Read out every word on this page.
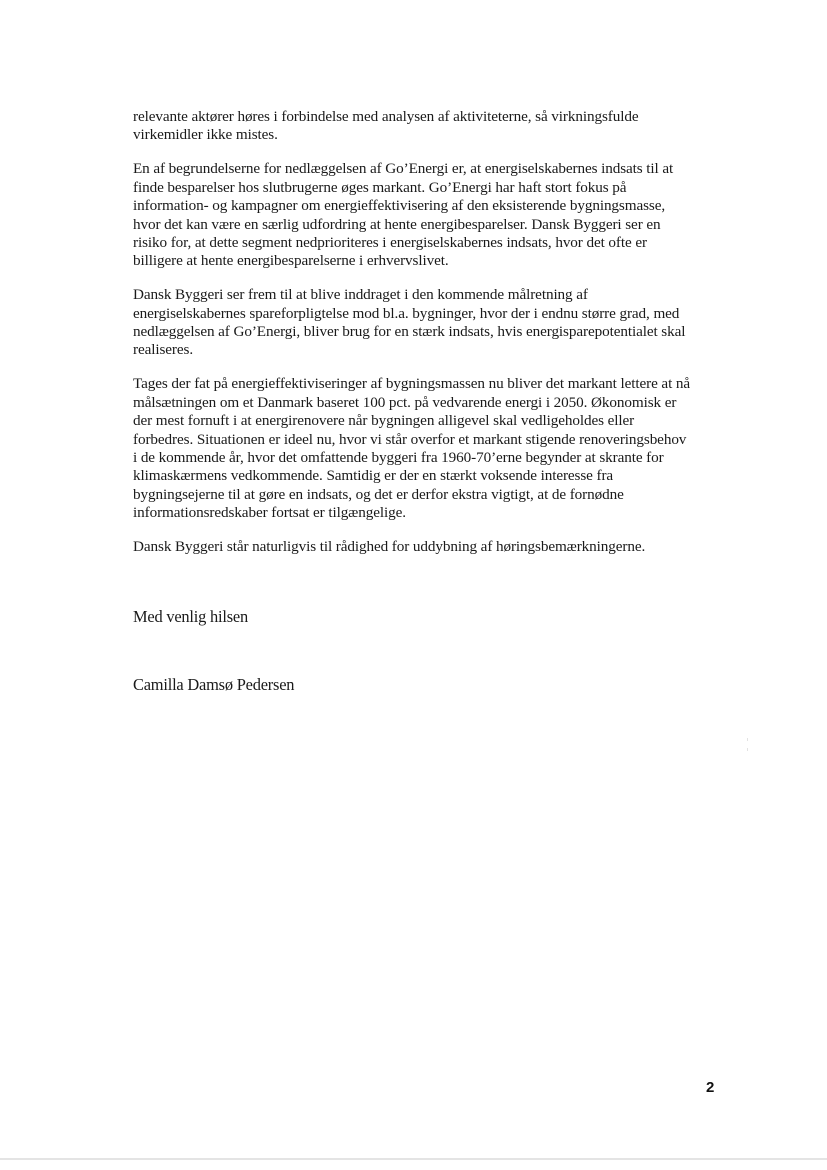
relevante aktører høres i forbindelse med analysen af aktiviteterne, så virkningsfulde
virkemidler ikke mistes.

En af begrundelserne for nedlæggelsen af Go’Energi er, at energiselskabernes indsats til at
finde besparelser hos slutbrugerne øges markant. Go’Energi har haft stort fokus på
information- og kampagner om energieffektivisering af den eksisterende bygningsmasse,
hvor det kan være en særlig udfordring at hente energibesparelser. Dansk Byggeri ser en
risiko for, at dette segment nedprioriteres i energiselskabernes indsats, hvor det ofte er
billigere at hente energibesparelserne i erhvervslivet.

Dansk Byggeri ser frem til at blive inddraget i den kommende målretning af
energiselskabernes spareforpligtelse mod bl.a. bygninger, hvor der i endnu større grad, med
nedlæggelsen af Go’Energi, bliver brug for en stærk indsats, hvis energisparepotentialet skal
realiseres.

Tages der fat på energieffektiviseringer af bygningsmassen nu bliver det markant lettere at nå
målsætningen om et Danmark baseret 100 pct. på vedvarende energi i 2050. Økonomisk er
der mest fornuft i at energirenovere når bygningen alligevel skal vedligeholdes eller
forbedres. Situationen er ideel nu, hvor vi står overfor et markant stigende renoveringsbehov
i de kommende år, hvor det omfattende byggeri fra 1960-70’erne begynder at skrante for
klimaskærmens vedkommende. Samtidig er der en stærkt voksende interesse fra
bygningsejerne til at gøre en indsats, og det er derfor ekstra vigtigt, at de fornødne
informationsredskaber fortsat er tilgængelige.

Dansk Byggeri står naturligvis til rådighed for uddybning af høringsbemærkningerne.

Med venlig hilsen

Camilla Damsø Pedersen

2
